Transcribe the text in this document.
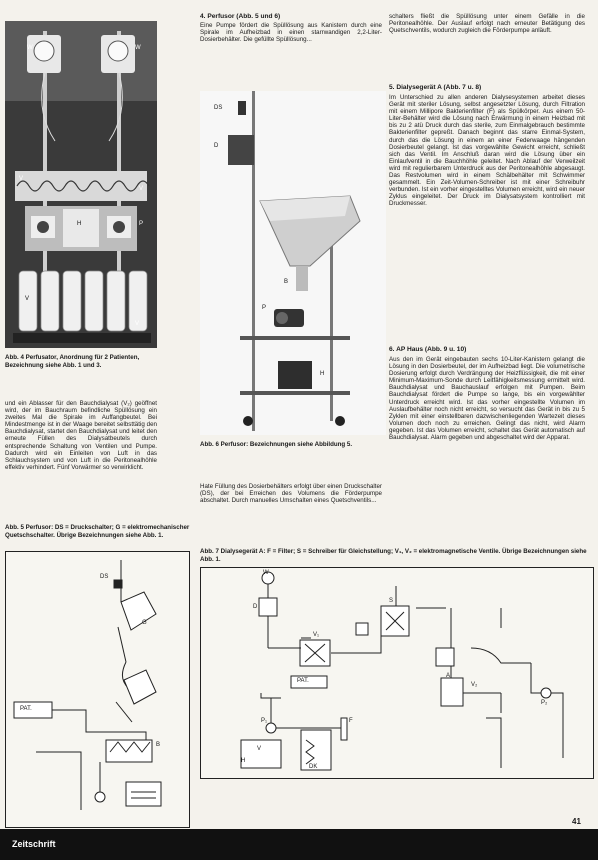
W	W
V
V
H	P
V
V
Abb. 4 Perfusator, Anordnung für 2 Patienten, Bezeichnung siehe Abb. 1 und 3.
und ein Ablasser für den Bauchdialysat (V₂) geöffnet wird, der im Bauchraum befindliche Spüllösung ein zweites Mal die Spirale im Auffangbeutel. Bei Mindestmenge ist in der Waage bereitet selbsttätig den Bauchdialysat, startet den Bauchdialysat und leitet den erneute Füllen des Dialysatbeutels durch entsprechende Schaltung von Ventilen und Pumpe. Dadurch wird ein Einleiten von Luft in das Schlauchsystem und von Luft in die Peritonealhöhle effektiv verhindert. Fünf Vorwärmer so verwirklicht.
4. Perfusor (Abb. 5 und 6)
Eine Pumpe fördert die Spüllösung aus Kanistern durch eine Spirale im Aufheizbad in einen starrwandigen 2,2-Liter-Dosierbehälter. Die gefüllte Spüllösung...
DS
D
B
P
H
Abb. 6 Perfusor: Bezeichnungen siehe Abbildung 5.
Hate Füllung des Dosierbehälters erfolgt über einen Druckschalter (DS), der bei Erreichen des Volumens die Förderpumpe abschaltet. Durch manuelles Umschalten eines Quetschventils...
schalters fließt die Spüllösung unter einem Gefälle in die Peritonealhöhle. Der Auslauf erfolgt nach erneuter Betätigung des Quetschventils, wodurch zugleich die Förderpumpe anläuft.
5. Dialysegerät A (Abb. 7 u. 8)
Im Unterschied zu allen anderen Dialysesystemen arbeitet dieses Gerät mit steriler Lösung, selbst angesetzter Lösung, durch Filtration mit einem Millipore Bakterienfilter (F) als Spülkörper. Aus einem 50-Liter-Behälter wird die Lösung nach Erwärmung in einem Heizbad mit bis zu 2 atü Druck durch das sterile, zum Einmalgebrauch bestimmte Bakterienfilter gepreßt. Danach beginnt das starre Einmal-System, durch das die Lösung in einem an einer Federwaage hängenden Dosierbeutel gelangt. Ist das vorgewählte Gewicht erreicht, schließt sich das Ventil. Im Anschluß daran wird die Lösung über ein Einlaufventil in die Bauchhöhle geleitet. Nach Ablauf der Verweilzeit wird mit regulierbarem Unterdruck aus der Peritonealhöhle abgesaugt. Das Restvolumen wird in einem Schälbehälter mit Schwimmer gesammelt. Ein Zeit-Volumen-Schreiber ist mit einer Schreibuhr verbunden. Ist ein vorher eingestelltes Volumen erreicht, wird ein neuer Zyklus eingeleitet. Der Druck im Dialysatsystem kontrolliert mit Druckmesser.
6. AP Haus (Abb. 9 u. 10)
Aus den im Gerät eingebauten sechs 10-Liter-Kanistern gelangt die Lösung in den Dosierbeutel, der im Aufheizbad liegt. Die volumetrische Dosierung erfolgt durch Verdrängung der Heizflüssigkeit, die mit einer Minimum-Maximum-Sonde durch Leitfähigkeitsmessung ermittelt wird. Bauchdialysat und Bauchauslauf erfolgen mit Pumpen. Beim Bauchdialysat fördert die Pumpe so lange, bis ein vorgewählter Unterdruck erreicht wird. Ist das vorher eingestellte Volumen im Auslaufbehälter noch nicht erreicht, so versucht das Gerät in bis zu 5 Zyklen mit einer einstellbaren dazwischenliegenden Wartezeit dieses Volumen doch noch zu erreichen. Gelingt das nicht, wird Alarm gegeben. Ist das Volumen erreicht, schaltet das Gerät automatisch auf Bauchdialysat. Alarm gegeben und abgeschaltet wird der Apparat.
Abb. 5 Perfusor: DS = Druckschalter; G = elektromechanischer Quetschschalter. Übrige Bezeichnungen siehe Abb. 1.
DS
G
PAT.
B
Abb. 7 Dialysegerät A: F = Filter; S = Schreiber für Gleichstellung; V₁, V₂ = elektromagnetische Ventile. Übrige Bezeichnungen siehe Abb. 1.
W
D
V₁
S
PAT.
A
V₂
P₁	F
V
H
DK
P₂
41
Zeitschrift
